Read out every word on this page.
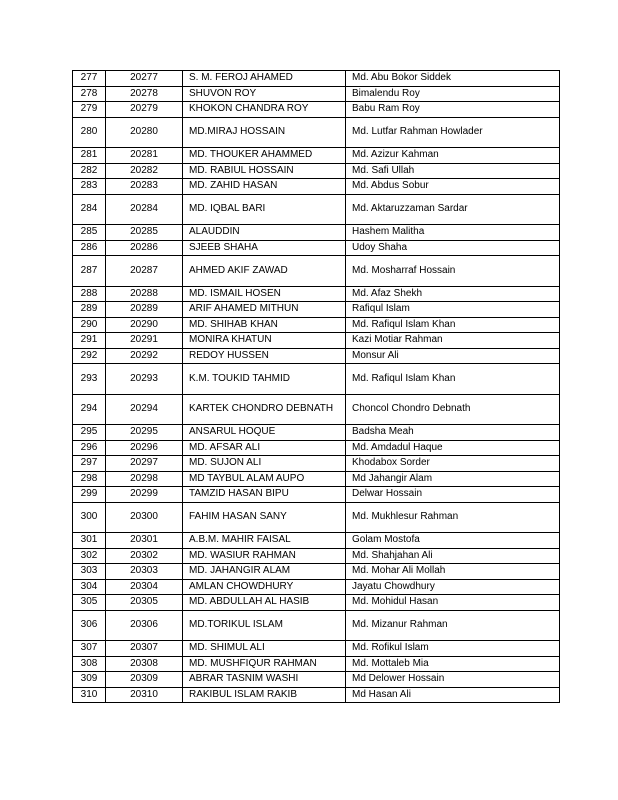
277	20277	S. M. FEROJ AHAMED	Md. Abu Bokor Siddek
278	20278	SHUVON ROY	Bimalendu Roy
279	20279	KHOKON CHANDRA ROY	Babu Ram Roy
280	20280	MD.MIRAJ HOSSAIN	Md. Lutfar Rahman Howlader
281	20281	MD. THOUKER AHAMMED	Md. Azizur Kahman
282	20282	MD. RABIUL HOSSAIN	Md. Safi Ullah
283	20283	MD. ZAHID HASAN	Md. Abdus Sobur
284	20284	MD. IQBAL BARI	Md. Aktaruzzaman Sardar
285	20285	ALAUDDIN	Hashem Malitha
286	20286	SJEEB SHAHA	Udoy Shaha
287	20287	AHMED AKIF ZAWAD	Md. Mosharraf Hossain
288	20288	MD. ISMAIL HOSEN	Md. Afaz Shekh
289	20289	ARIF AHAMED MITHUN	Rafiqul Islam
290	20290	MD. SHIHAB KHAN	Md. Rafiqul Islam Khan
291	20291	MONIRA KHATUN	Kazi Motiar Rahman
292	20292	REDOY HUSSEN	Monsur Ali
293	20293	K.M. TOUKID TAHMID	Md. Rafiqul Islam Khan
294	20294	KARTEK CHONDRO DEBNATH	Choncol Chondro Debnath
295	20295	ANSARUL HOQUE	Badsha Meah
296	20296	MD. AFSAR ALI	Md. Amdadul Haque
297	20297	MD. SUJON ALI	Khodabox Sorder
298	20298	MD TAYBUL ALAM AUPO	Md Jahangir Alam
299	20299	TAMZID HASAN BIPU	Delwar Hossain
300	20300	FAHIM HASAN SANY	Md. Mukhlesur Rahman
301	20301	A.B.M. MAHIR FAISAL	Golam Mostofa
302	20302	MD. WASIUR RAHMAN	Md. Shahjahan Ali
303	20303	MD. JAHANGIR ALAM	Md. Mohar Ali Mollah
304	20304	AMLAN CHOWDHURY	Jayatu Chowdhury
305	20305	MD. ABDULLAH AL HASIB	Md. Mohidul Hasan
306	20306	MD.TORIKUL ISLAM	Md. Mizanur Rahman
307	20307	MD. SHIMUL ALI	Md. Rofikul Islam
308	20308	MD. MUSHFIQUR RAHMAN	Md. Mottaleb Mia
309	20309	ABRAR TASNIM WASHI	Md Delower Hossain
310	20310	RAKIBUL ISLAM RAKIB	Md Hasan Ali
